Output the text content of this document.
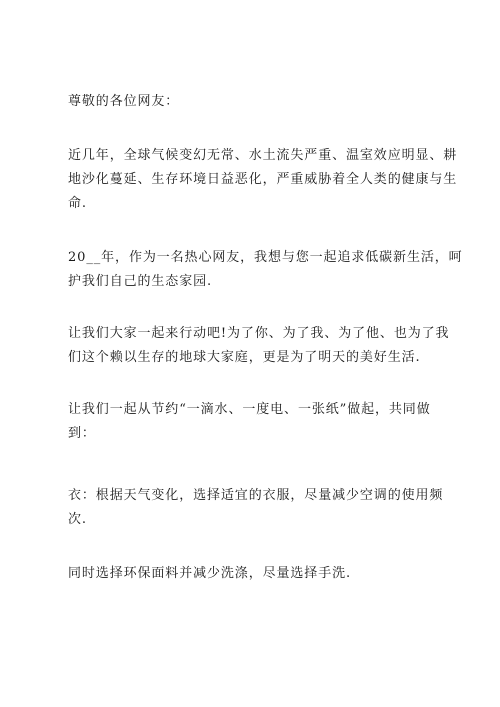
尊敬的各位网友：
近几年，全球气候变幻无常、水土流失严重、温室效应明显、耕
地沙化蔓延、生存环境日益恶化，严重威胁着全人类的健康与生
命.
20__年，作为一名热心网友，我想与您一起追求低碳新生活，呵
护我们自己的生态家园.
让我们大家一起来行动吧!为了你、为了我、为了他、也为了我
们这个赖以生存的地球大家庭，更是为了明天的美好生活.
让我们一起从节约“一滴水、一度电、一张纸”做起，共同做
到：
衣：根据天气变化，选择适宜的衣服，尽量减少空调的使用频
次.
同时选择环保面料并减少洗涤，尽量选择手洗.
